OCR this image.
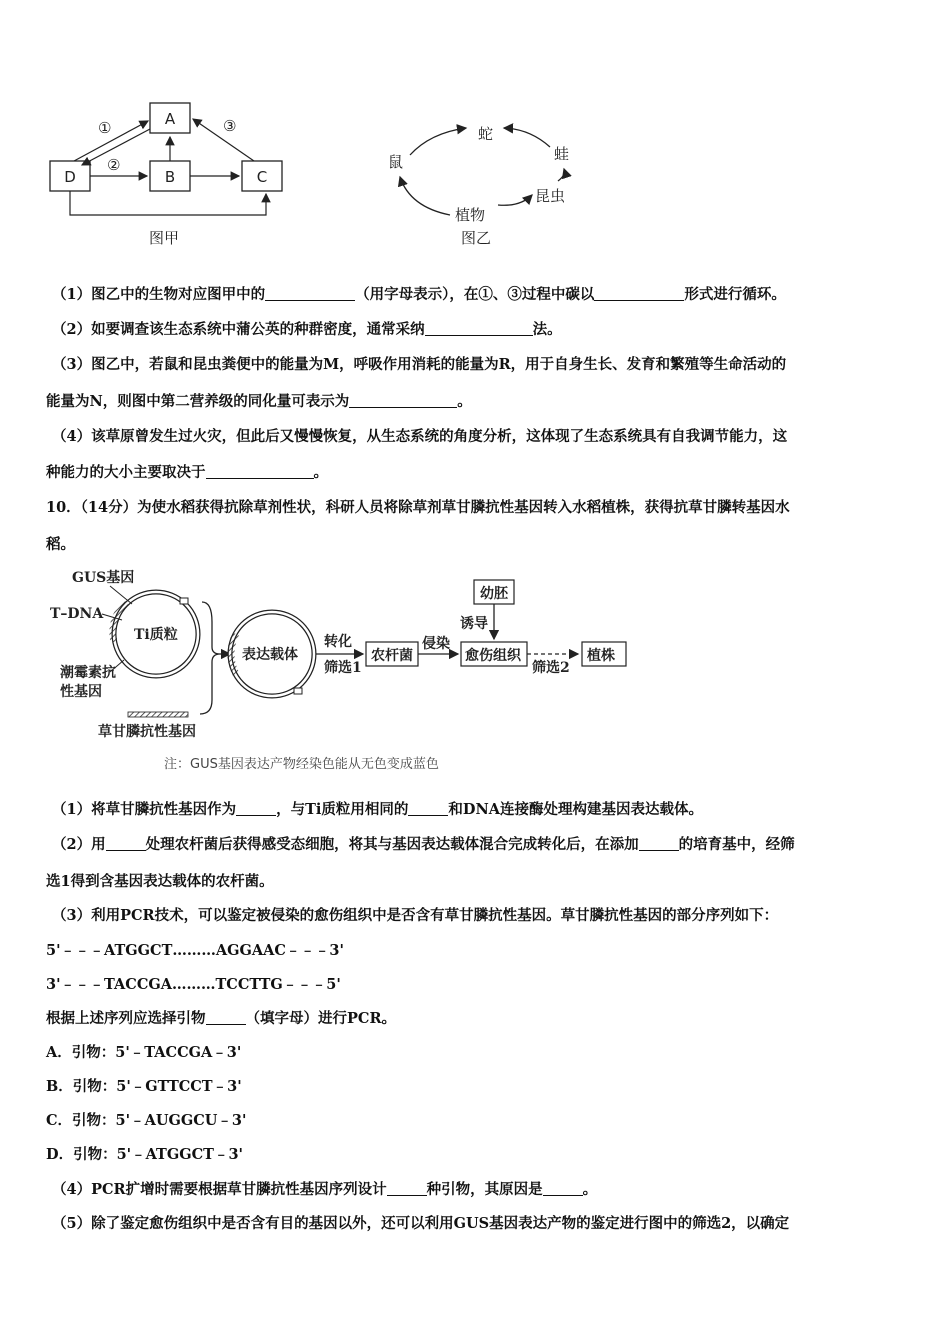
A
D	B	C
①
②
③
图甲
蛇
蛙
昆虫
植物
鼠
图乙
（1）图乙中的生物对应图甲中的	（用字母表示），在①、③过程中碳以	形式进行循环。
（2）如要调查该生态系统中蒲公英的种群密度，通常采纳	法。
（3）图乙中，若鼠和昆虫粪便中的能量为M，呼吸作用消耗的能量为R，用于自身生长、发育和繁殖等生命活动的
能量为N，则图中第二营养级的同化量可表示为	。
（4）该草原曾发生过火灾，但此后又慢慢恢复，从生态系统的角度分析，这体现了生态系统具有自我调节能力，这
种能力的大小主要取决于	。
10．（14分）为使水稻获得抗除草剂性状，科研人员将除草剂草甘膦抗性基因转入水稻植株，获得抗草甘膦转基因水
稻。
Ti质粒
GUS基因
T–DNA
潮霉素抗
性基因
草甘膦抗性基因
表达载体
转化
筛选1
农杆菌
侵染
幼胚
诱导
愈伤组织
筛选2
植株
注：GUS基因表达产物经染色能从无色变成蓝色
（1）将草甘膦抗性基因作为	，与Ti质粒用相同的	和DNA连接酶处理构建基因表达载体。
（2）用	处理农杆菌后获得感受态细胞，将其与基因表达载体混合完成转化后，在添加	的培育基中，经筛
选1得到含基因表达载体的农杆菌。
（3）利用PCR技术，可以鉴定被侵染的愈伤组织中是否含有草甘膦抗性基因。草甘膦抗性基因的部分序列如下：
5'﹣﹣﹣ATGGCT………AGGAAC﹣﹣﹣3'
3'﹣﹣﹣TACCGA………TCCTTG﹣﹣﹣5'
根据上述序列应选择引物	（填字母）进行PCR。
A．引物：5'﹣TACCGA﹣3'
B．引物：5'﹣GTTCCT﹣3'
C．引物：5'﹣AUGGCU﹣3'
D．引物：5'﹣ATGGCT﹣3'
（4）PCR扩增时需要根据草甘膦抗性基因序列设计	种引物，其原因是	。
（5）除了鉴定愈伤组织中是否含有目的基因以外，还可以利用GUS基因表达产物的鉴定进行图中的筛选2，以确定
